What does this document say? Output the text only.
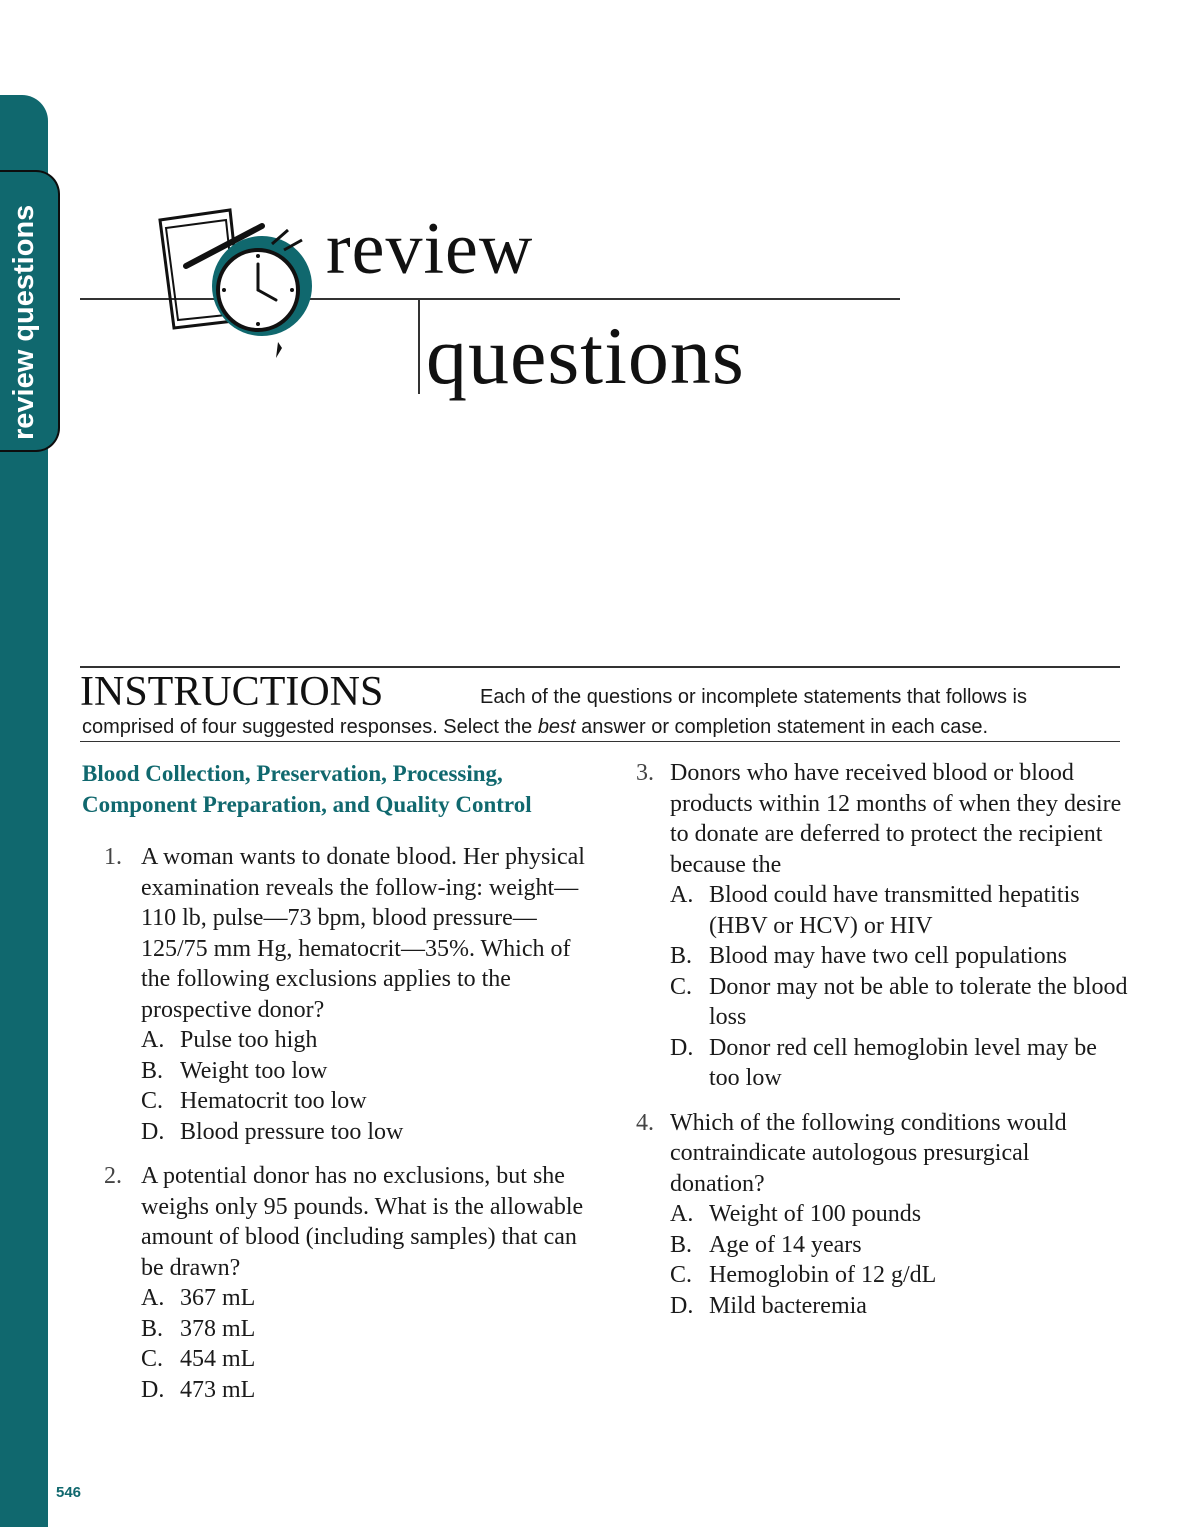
review questions
546
review
questions
INSTRUCTIONS	Each of the questions or incomplete statements that follows is
comprised of four suggested responses. Select the best answer or completion statement in each case.
Blood Collection, Preservation, Processing,
Component Preparation, and Quality Control
1. A woman wants to donate blood. Her physical examination reveals the follow-ing: weight—110 lb, pulse—73 bpm, blood pressure—125/75 mm Hg, hematocrit—35%. Which of the following exclusions applies to the prospective donor?
A. Pulse too high
B. Weight too low
C. Hematocrit too low
D. Blood pressure too low
2. A potential donor has no exclusions, but she weighs only 95 pounds. What is the allowable amount of blood (including samples) that can be drawn?
A. 367 mL
B. 378 mL
C. 454 mL
D. 473 mL
3. Donors who have received blood or blood products within 12 months of when they desire to donate are deferred to protect the recipient because the
A. Blood could have transmitted hepatitis (HBV or HCV) or HIV
B. Blood may have two cell populations
C. Donor may not be able to tolerate the blood loss
D. Donor red cell hemoglobin level may be too low
4. Which of the following conditions would contraindicate autologous presurgical donation?
A. Weight of 100 pounds
B. Age of 14 years
C. Hemoglobin of 12 g/dL
D. Mild bacteremia
